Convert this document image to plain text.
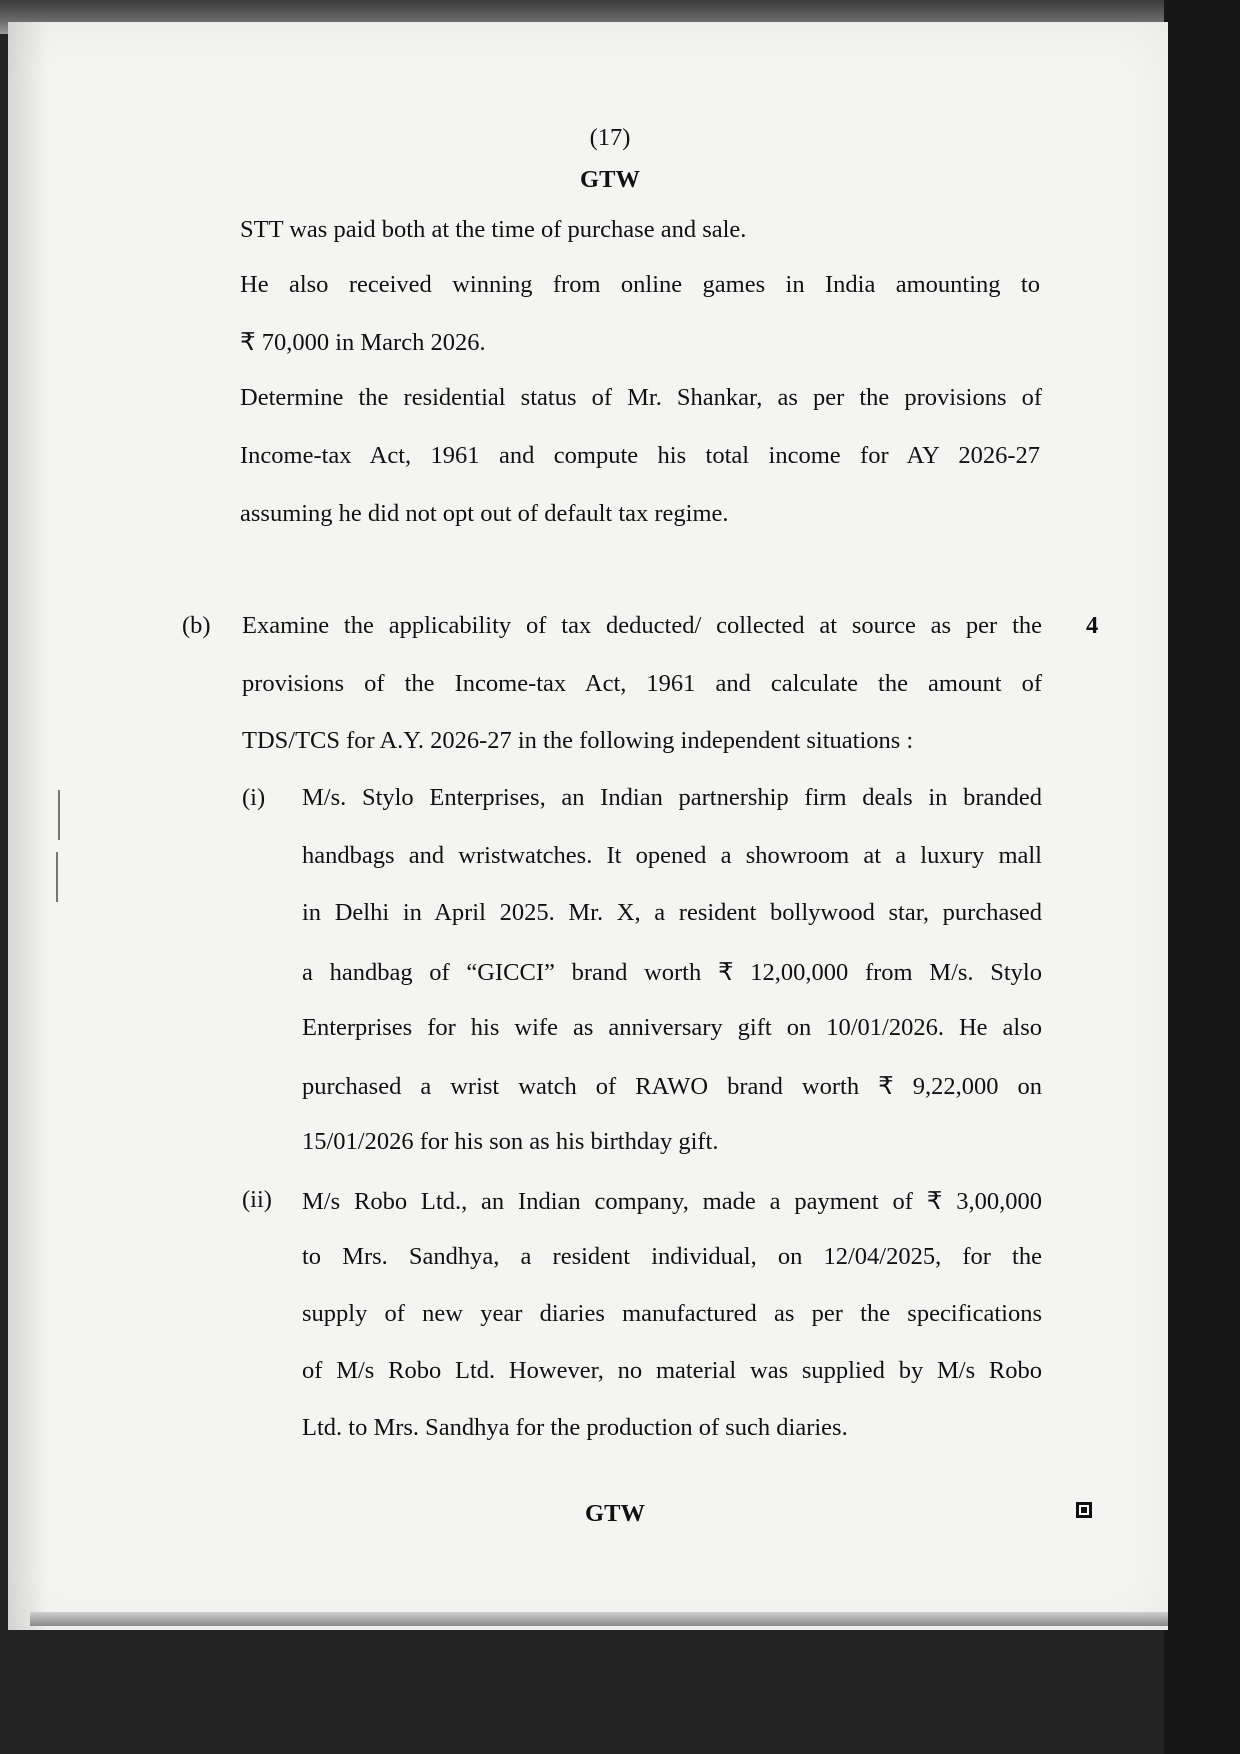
(17)
GTW
STT was paid both at the time of purchase and sale.
He also received winning from online games in India amounting to
₹ 70,000 in March 2026.
Determine the residential status of Mr. Shankar, as per the provisions of
Income-tax Act, 1961 and compute his total income for AY 2026-27
assuming he did not opt out of default tax regime.
(b)	4
Examine the applicability of tax deducted/ collected at source as per the
provisions of the Income-tax Act, 1961 and calculate the amount of
TDS/TCS for A.Y. 2026-27 in the following independent situations :
(i) M/s. Stylo Enterprises, an Indian partnership firm deals in branded
handbags and wristwatches. It opened a showroom at a luxury mall
in Delhi in April 2025. Mr. X, a resident bollywood star, purchased
a handbag of “GICCI” brand worth ₹ 12,00,000 from M/s. Stylo
Enterprises for his wife as anniversary gift on 10/01/2026. He also
purchased a wrist watch of RAWO brand worth ₹ 9,22,000 on
15/01/2026 for his son as his birthday gift.
(ii) M/s Robo Ltd., an Indian company, made a payment of ₹ 3,00,000
to Mrs. Sandhya, a resident individual, on 12/04/2025, for the
supply of new year diaries manufactured as per the specifications
of M/s Robo Ltd. However, no material was supplied by M/s Robo
Ltd. to Mrs. Sandhya for the production of such diaries.
GTW
